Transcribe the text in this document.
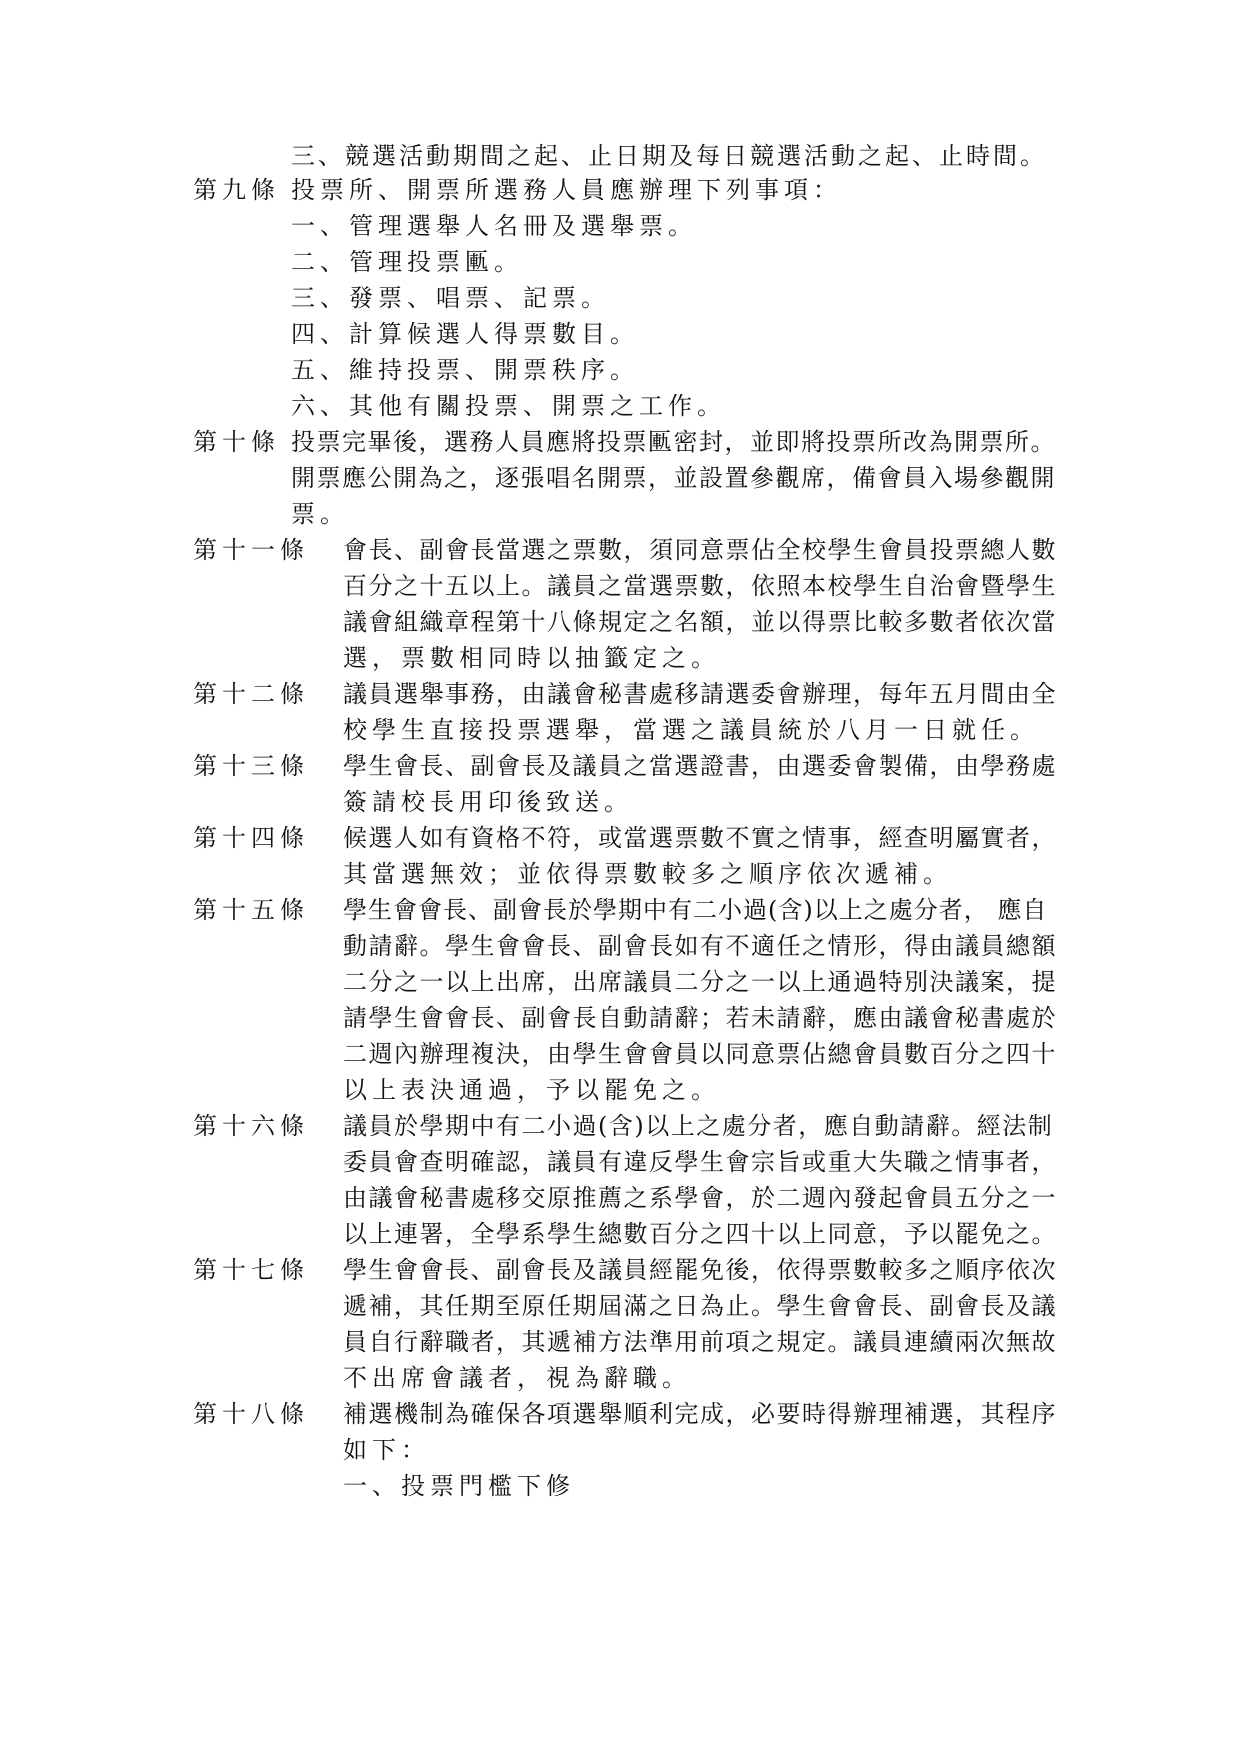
三、競選活動期間之起、止日期及每日競選活動之起、止時間。
第九條 投票所、開票所選務人員應辦理下列事項：
一、管理選舉人名冊及選舉票。
二、管理投票匭。
三、發票、唱票、記票。
四、計算候選人得票數目。
五、維持投票、開票秩序。
六、其他有關投票、開票之工作。
第十條 投票完畢後，選務人員應將投票匭密封，並即將投票所改為開票所。
開票應公開為之，逐張唱名開票，並設置參觀席，備會員入場參觀開
票。
第十一條 會長、副會長當選之票數，須同意票佔全校學生會員投票總人數
百分之十五以上。議員之當選票數，依照本校學生自治會暨學生
議會組織章程第十八條規定之名額，並以得票比較多數者依次當
選，票數相同時以抽籤定之。
第十二條 議員選舉事務，由議會秘書處移請選委會辦理，每年五月間由全
校學生直接投票選舉，當選之議員統於八月一日就任。
第十三條 學生會長、副會長及議員之當選證書，由選委會製備，由學務處
簽請校長用印後致送。
第十四條 候選人如有資格不符，或當選票數不實之情事，經查明屬實者，
其當選無效；並依得票數較多之順序依次遞補。
第十五條 學生會會長、副會長於學期中有二小過(含)以上之處分者， 應自
動請辭。學生會會長、副會長如有不適任之情形，得由議員總額
二分之一以上出席，出席議員二分之一以上通過特別決議案，提
請學生會會長、副會長自動請辭；若未請辭，應由議會秘書處於
二週內辦理複決，由學生會會員以同意票佔總會員數百分之四十
以上表決通過，予以罷免之。
第十六條 議員於學期中有二小過(含)以上之處分者，應自動請辭。經法制
委員會查明確認，議員有違反學生會宗旨或重大失職之情事者，
由議會秘書處移交原推薦之系學會，於二週內發起會員五分之一
以上連署，全學系學生總數百分之四十以上同意，予以罷免之。
第十七條 學生會會長、副會長及議員經罷免後，依得票數較多之順序依次
遞補，其任期至原任期屆滿之日為止。學生會會長、副會長及議
員自行辭職者，其遞補方法準用前項之規定。議員連續兩次無故
不出席會議者，視為辭職。
第十八條 補選機制為確保各項選舉順利完成，必要時得辦理補選，其程序
如下：
一、投票門檻下修
